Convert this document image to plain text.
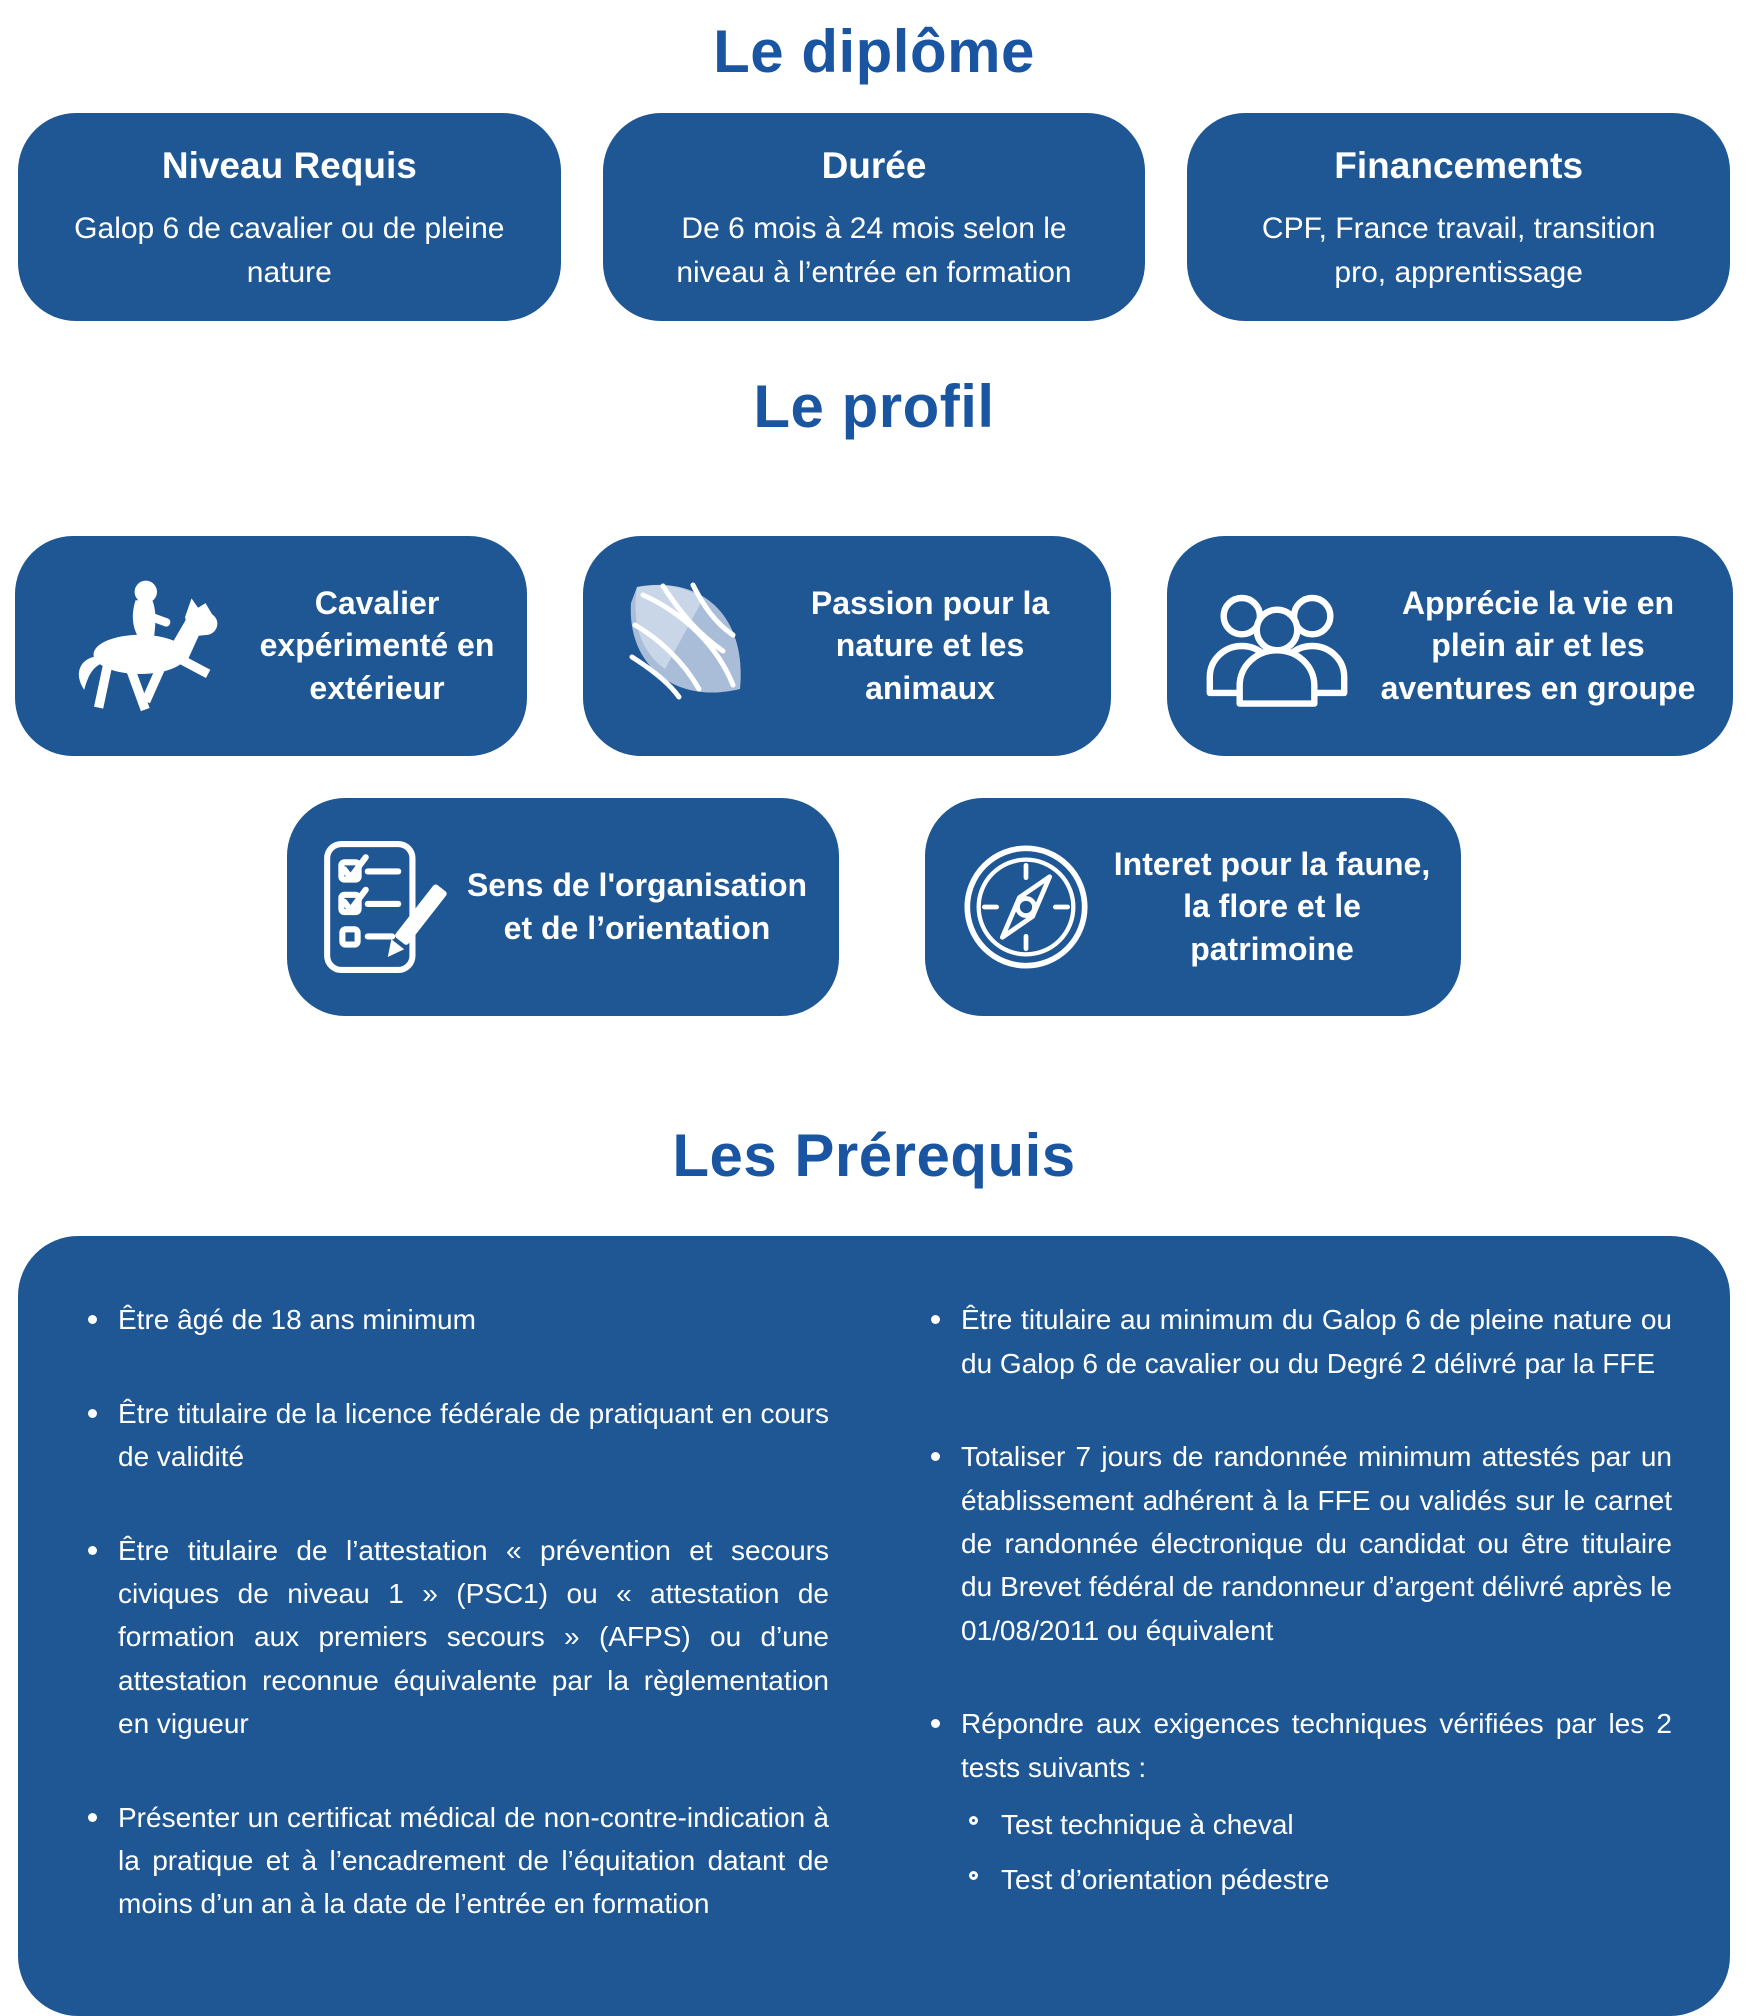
Le diplôme
Niveau Requis

Galop 6 de cavalier ou de pleine nature

Durée

De 6 mois à 24 mois selon le niveau à l’entrée en formation

Financements

CPF, France travail, transition pro, apprentissage

Le profil
Cavalier expérimenté en extérieur
Passion pour la nature et les animaux
Apprécie la vie en plein air et les aventures en groupe
Sens de l'organisation et de l’orientation
Interet pour la faune, la flore et le patrimoine
Les Prérequis
Être âgé de 18 ans minimum
Être titulaire de la licence fédérale de pratiquant en cours de validité
Être titulaire de l’attestation « prévention et secours civiques de niveau 1 » (PSC1) ou « attestation de formation aux premiers secours » (AFPS) ou d’une attestation reconnue équivalente par la règlementation en vigueur
Présenter un certificat médical de non-contre-indication à la pratique et à l’encadrement de l’équitation datant de moins d’un an à la date de l’entrée en formation
Être titulaire au minimum du Galop 6 de pleine nature ou du Galop 6 de cavalier ou du Degré 2 délivré par la FFE
Totaliser 7 jours de randonnée minimum attestés par un établissement adhérent à la FFE ou validés sur le carnet de randonnée électronique du candidat ou être titulaire du Brevet fédéral de randonneur d’argent délivré après le 01/08/2011 ou équivalent
Répondre aux exigences techniques vérifiées par les 2 tests suivants :
Test technique à cheval
Test d’orientation pédestre
